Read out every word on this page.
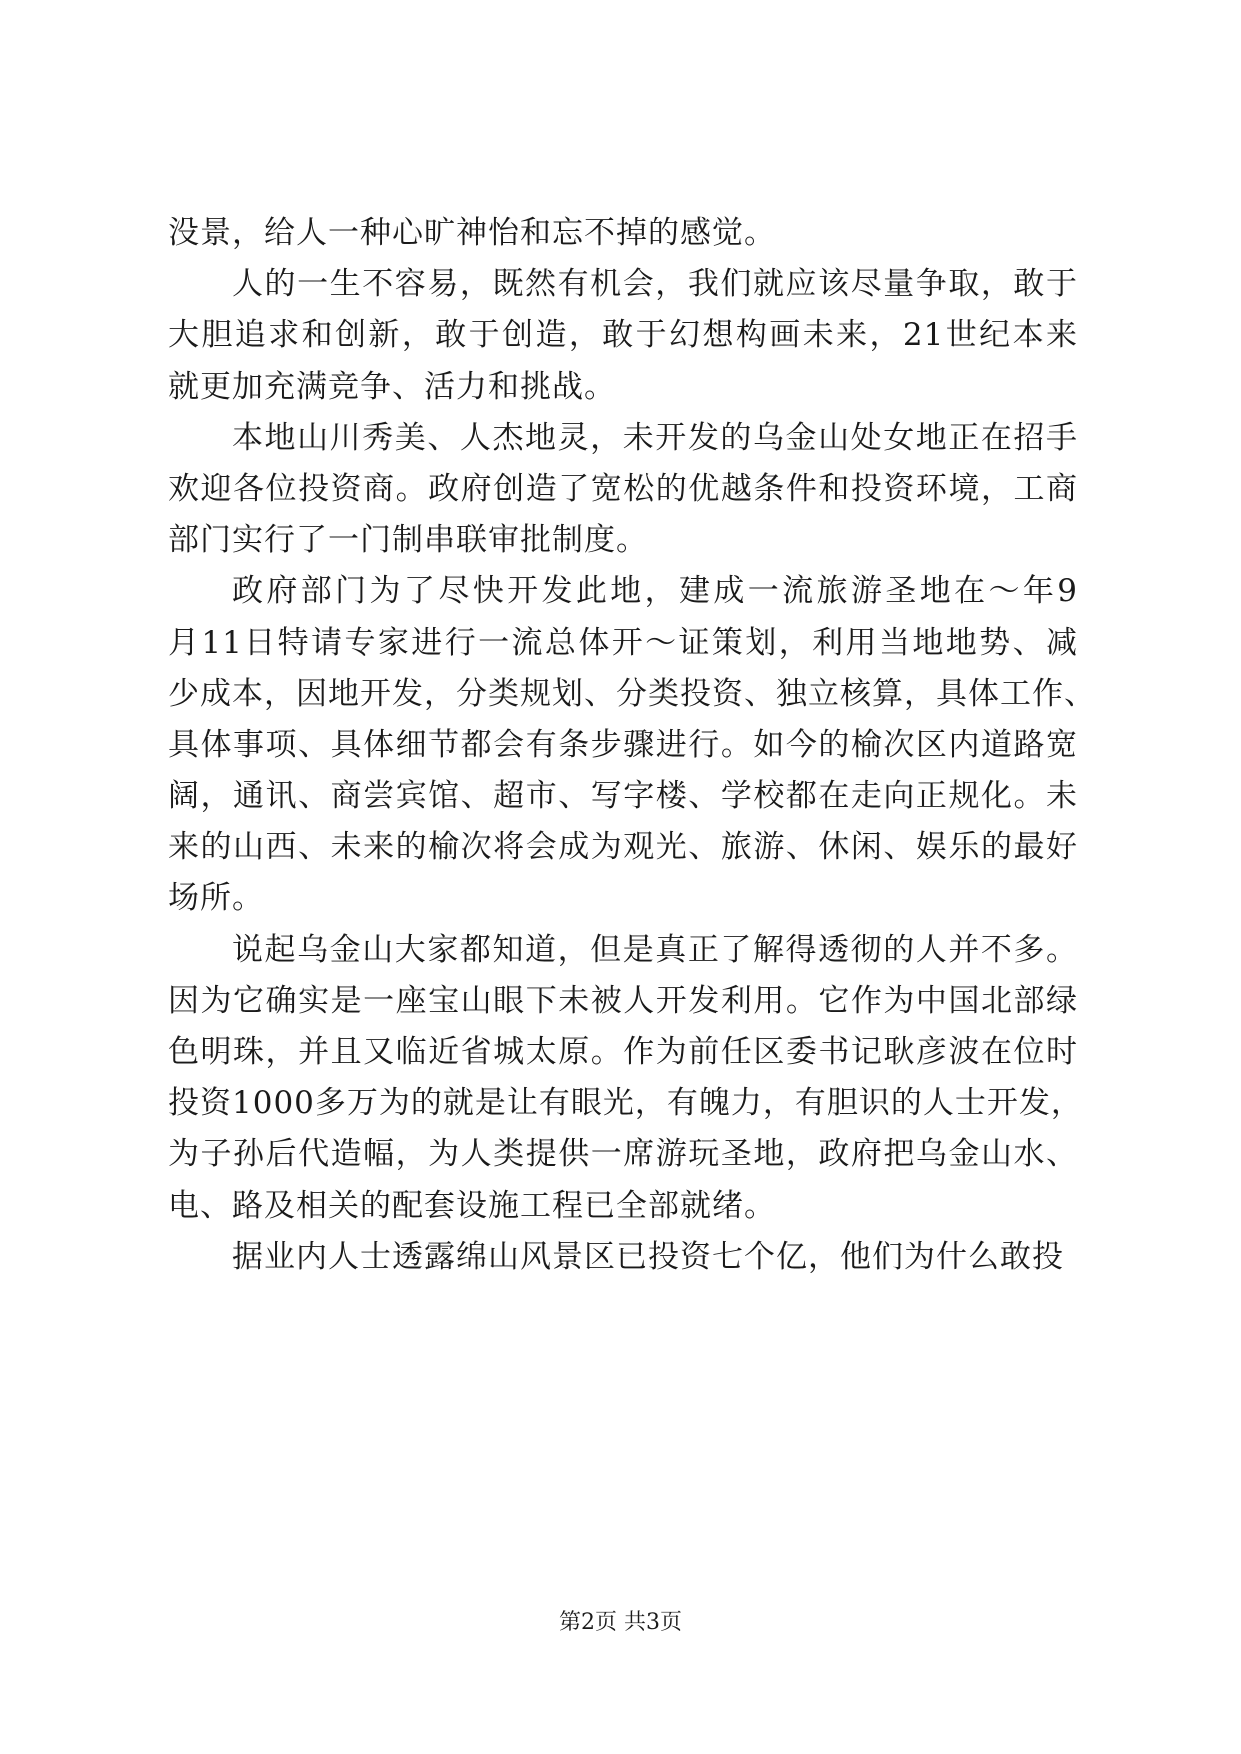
没景，给人一种心旷神怡和忘不掉的感觉。
人的一生不容易，既然有机会，我们就应该尽量争取，敢于
大胆追求和创新，敢于创造，敢于幻想构画未来，21世纪本来
就更加充满竞争、活力和挑战。
本地山川秀美、人杰地灵，未开发的乌金山处女地正在招手
欢迎各位投资商。政府创造了宽松的优越条件和投资环境，工商
部门实行了一门制串联审批制度。
政府部门为了尽快开发此地，建成一流旅游圣地在～年9
月11日特请专家进行一流总体开～证策划，利用当地地势、减
少成本，因地开发，分类规划、分类投资、独立核算，具体工作、
具体事项、具体细节都会有条步骤进行。如今的榆次区内道路宽
阔，通讯、商尝宾馆、超市、写字楼、学校都在走向正规化。未
来的山西、未来的榆次将会成为观光、旅游、休闲、娱乐的最好
场所。
说起乌金山大家都知道，但是真正了解得透彻的人并不多。
因为它确实是一座宝山眼下未被人开发利用。它作为中国北部绿
色明珠，并且又临近省城太原。作为前任区委书记耿彦波在位时
投资1000多万为的就是让有眼光，有魄力，有胆识的人士开发，
为子孙后代造幅，为人类提供一席游玩圣地，政府把乌金山水、
电、路及相关的配套设施工程已全部就绪。
据业内人士透露绵山风景区已投资七个亿，他们为什么敢投
第2页 共3页
